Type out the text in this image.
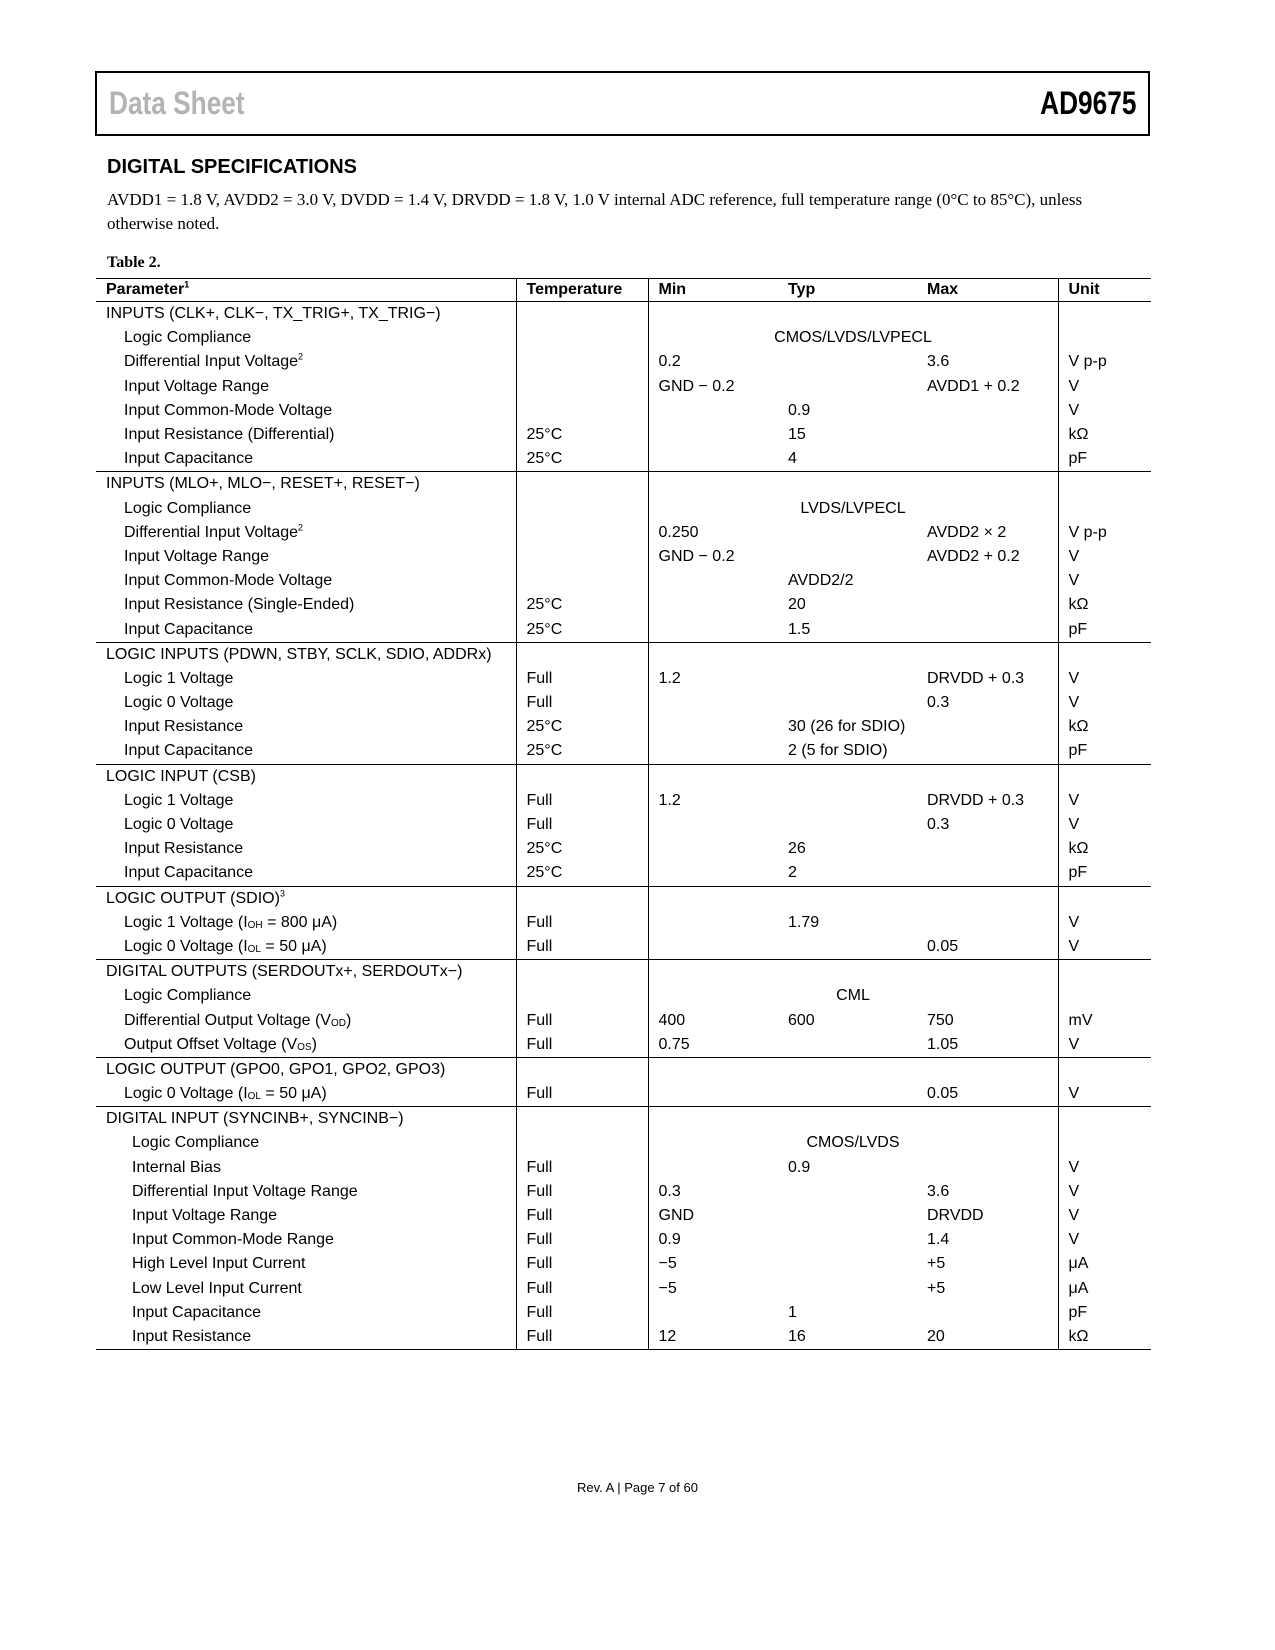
Data Sheet	AD9675
DIGITAL SPECIFICATIONS
AVDD1 = 1.8 V, AVDD2 = 3.0 V, DVDD = 1.4 V, DRVDD = 1.8 V, 1.0 V internal ADC reference, full temperature range (0°C to 85°C), unless otherwise noted.
Table 2.
Parameter$^1$	Temperature	Min	Typ	Max	Unit
INPUTS (CLK+, CLK−, TX_TRIG+, TX_TRIG−)					
Logic Compliance		CMOS/LVDS/LVPECL			
Differential Input Voltage$^2$		0.2		3.6	V p-p
Input Voltage Range		GND − 0.2		AVDD1 + 0.2	V
Input Common-Mode Voltage			0.9		V
Input Resistance (Differential)	25°C		15		kΩ
Input Capacitance	25°C		4		pF
INPUTS (MLO+, MLO−, RESET+, RESET−)					
Logic Compliance		LVDS/LVPECL			
Differential Input Voltage$^2$		0.250		AVDD2 × 2	V p-p
Input Voltage Range		GND − 0.2		AVDD2 + 0.2	V
Input Common-Mode Voltage			AVDD2/2		V
Input Resistance (Single-Ended)	25°C		20		kΩ
Input Capacitance	25°C		1.5		pF
LOGIC INPUTS (PDWN, STBY, SCLK, SDIO, ADDRx)					
Logic 1 Voltage	Full	1.2		DRVDD + 0.3	V
Logic 0 Voltage	Full			0.3	V
Input Resistance	25°C		30 (26 for SDIO)		kΩ
Input Capacitance	25°C		2 (5 for SDIO)		pF
LOGIC INPUT (CSB)					
Logic 1 Voltage	Full	1.2		DRVDD + 0.3	V
Logic 0 Voltage	Full			0.3	V
Input Resistance	25°C		26		kΩ
Input Capacitance	25°C		2		pF
LOGIC OUTPUT (SDIO)$^3$					
Logic 1 Voltage ($I_{OH} = 800$ μA)	Full		1.79		V
Logic 0 Voltage ($I_{OL} = 50$ μA)	Full			0.05	V
DIGITAL OUTPUTS (SERDOUTx+, SERDOUTx−)					
Logic Compliance		CML			
Differential Output Voltage $(V_{OD})$	Full	400	600	750	mV
Output Offset Voltage $(V_{OS})$	Full	0.75		1.05	V
LOGIC OUTPUT (GPO0, GPO1, GPO2, GPO3)					
Logic 0 Voltage ($I_{OL} = 50$ μA)	Full			0.05	V
DIGITAL INPUT (SYNCINB+, SYNCINB−)					
Logic Compliance		CMOS/LVDS			
Internal Bias	Full		0.9		V
Differential Input Voltage Range	Full	0.3		3.6	V
Input Voltage Range	Full	GND		DRVDD	V
Input Common-Mode Range	Full	0.9		1.4	V
High Level Input Current	Full	−5		+5	μA
Low Level Input Current	Full	−5		+5	μA
Input Capacitance	Full		1		pF
Input Resistance	Full	12	16	20	kΩ
Rev. A | Page 7 of 60
